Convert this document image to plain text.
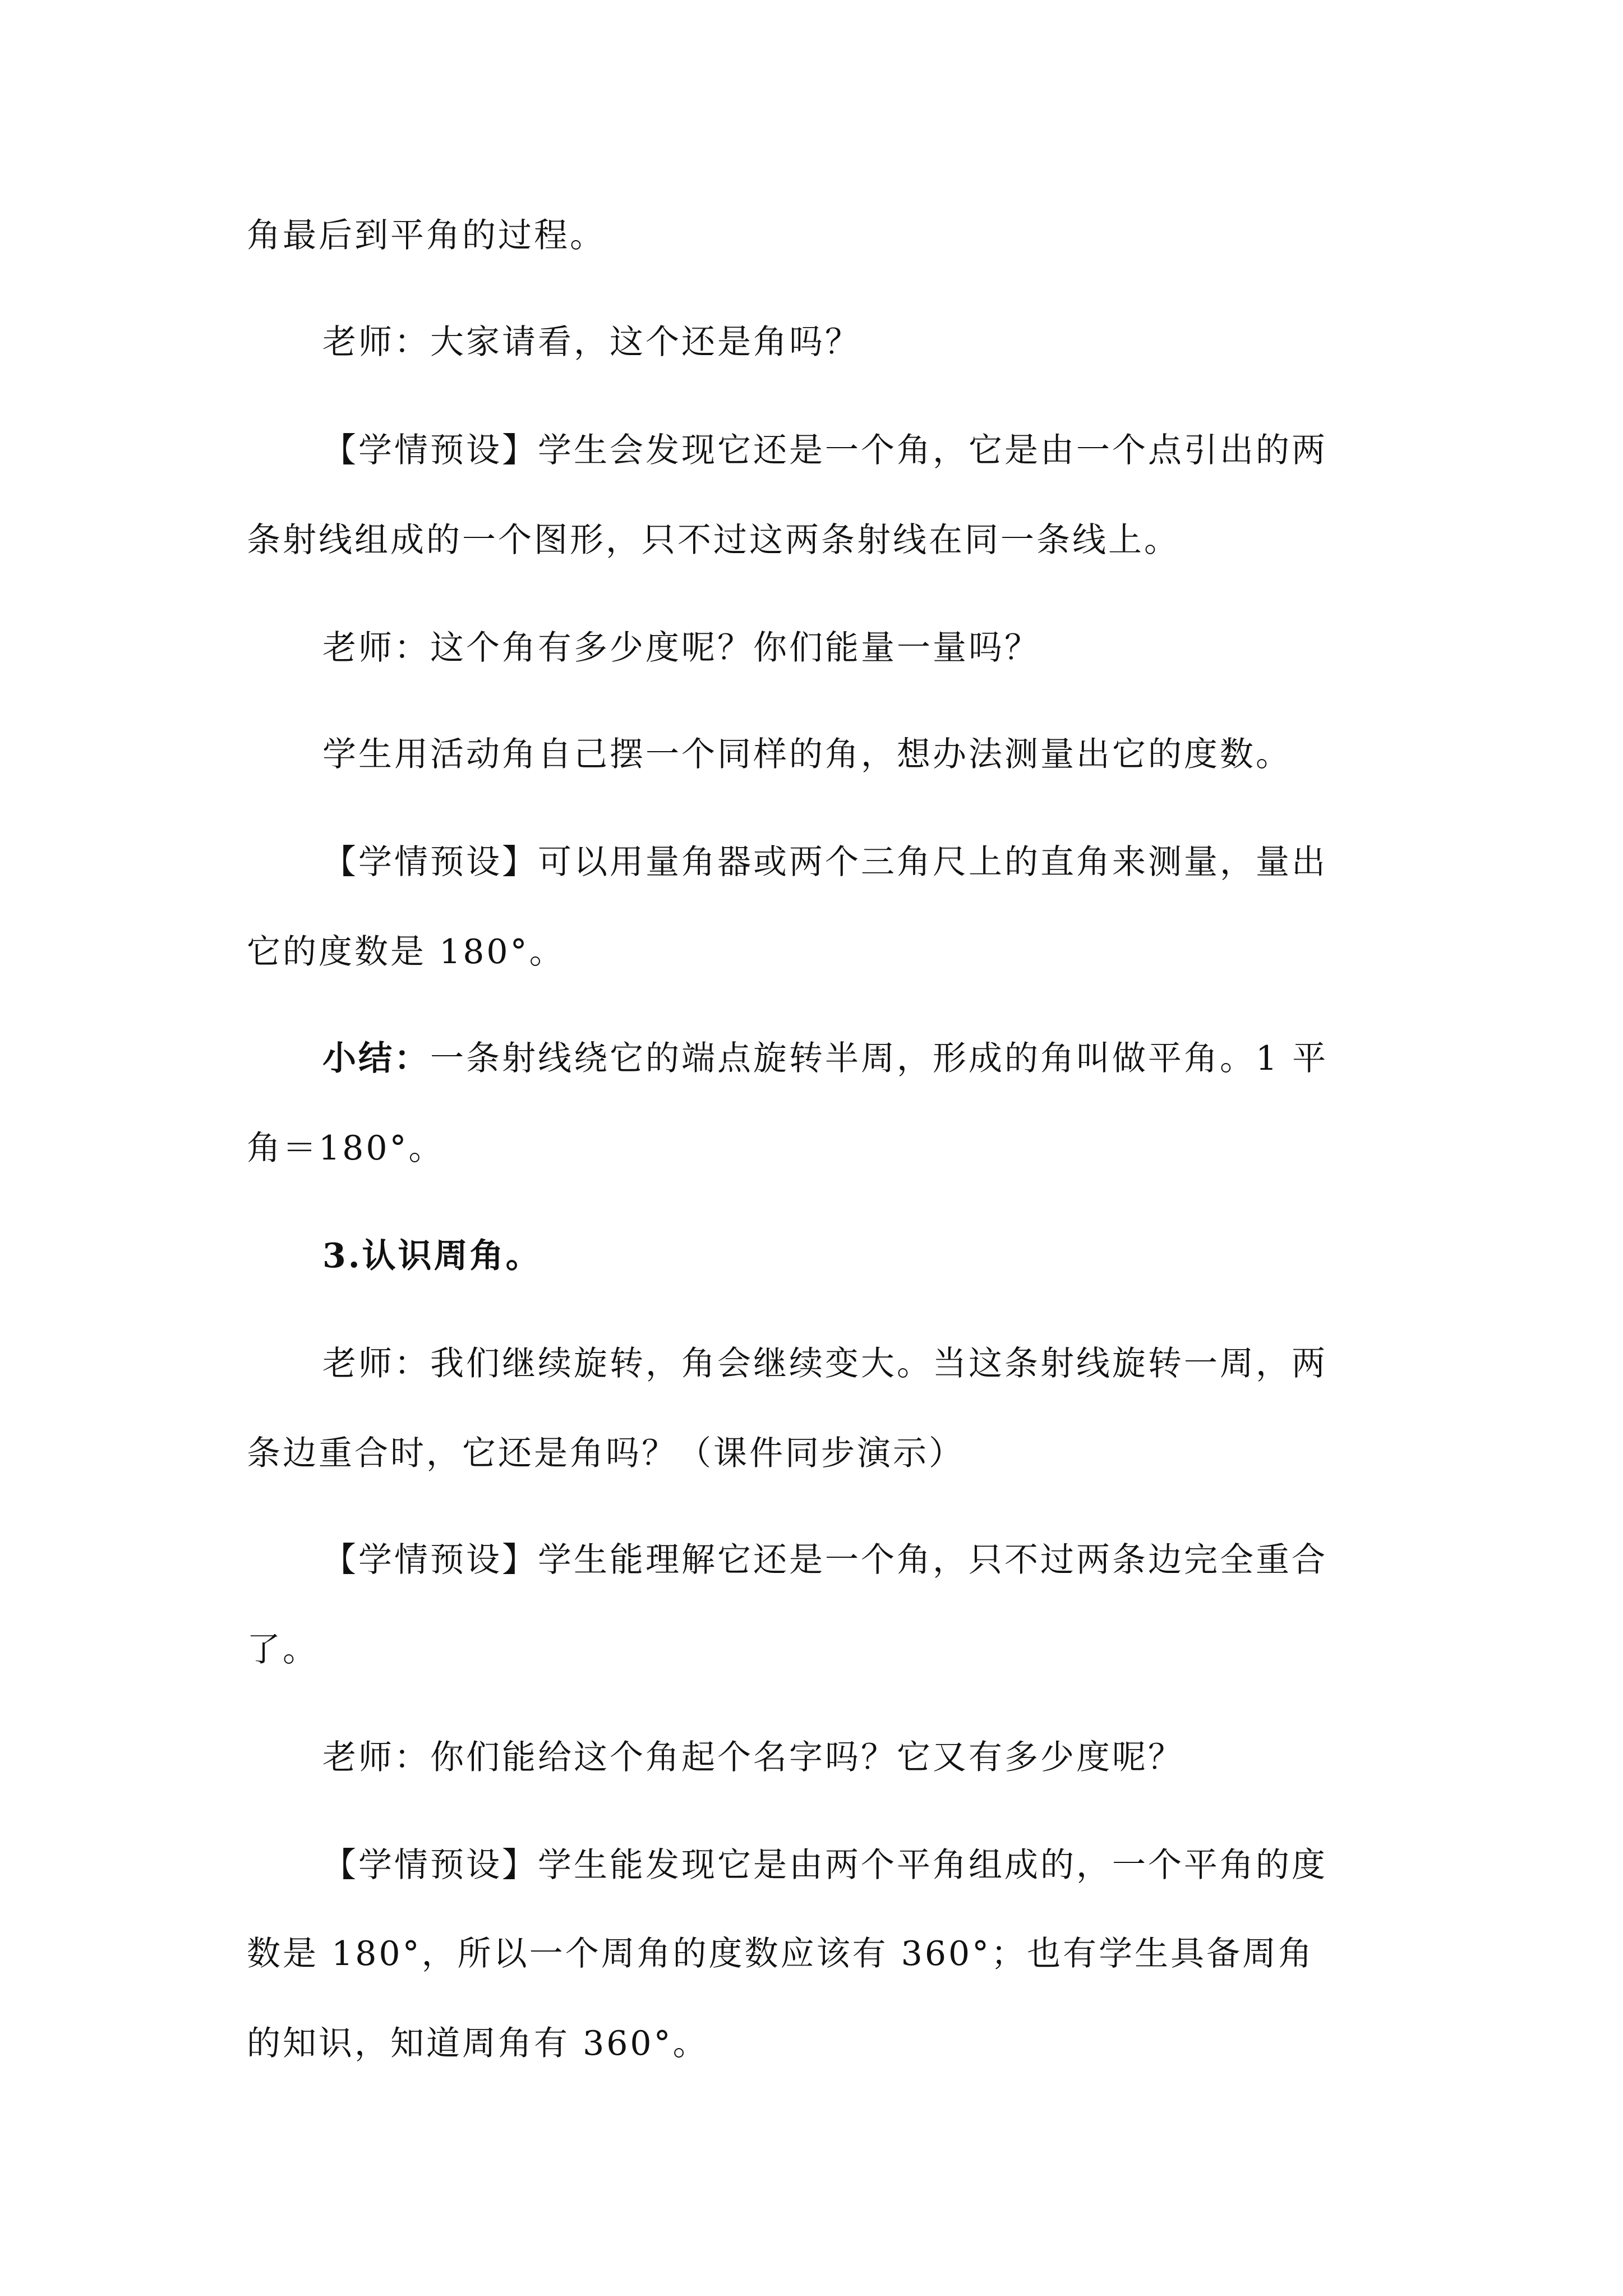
角最后到平角的过程。
老师：大家请看，这个还是角吗？
【学情预设】学生会发现它还是一个角，它是由一个点引出的两
条射线组成的一个图形，只不过这两条射线在同一条线上。
老师：这个角有多少度呢？你们能量一量吗？
学生用活动角自己摆一个同样的角，想办法测量出它的度数。
【学情预设】可以用量角器或两个三角尺上的直角来测量，量出
它的度数是 180°。
小结：一条射线绕它的端点旋转半周，形成的角叫做平角。1 平
角＝180°。
3.认识周角。
老师：我们继续旋转，角会继续变大。当这条射线旋转一周，两
条边重合时，它还是角吗？（课件同步演示）
【学情预设】学生能理解它还是一个角，只不过两条边完全重合
了。
老师：你们能给这个角起个名字吗？它又有多少度呢？
【学情预设】学生能发现它是由两个平角组成的，一个平角的度
数是 180°，所以一个周角的度数应该有 360°；也有学生具备周角
的知识，知道周角有 360°。
